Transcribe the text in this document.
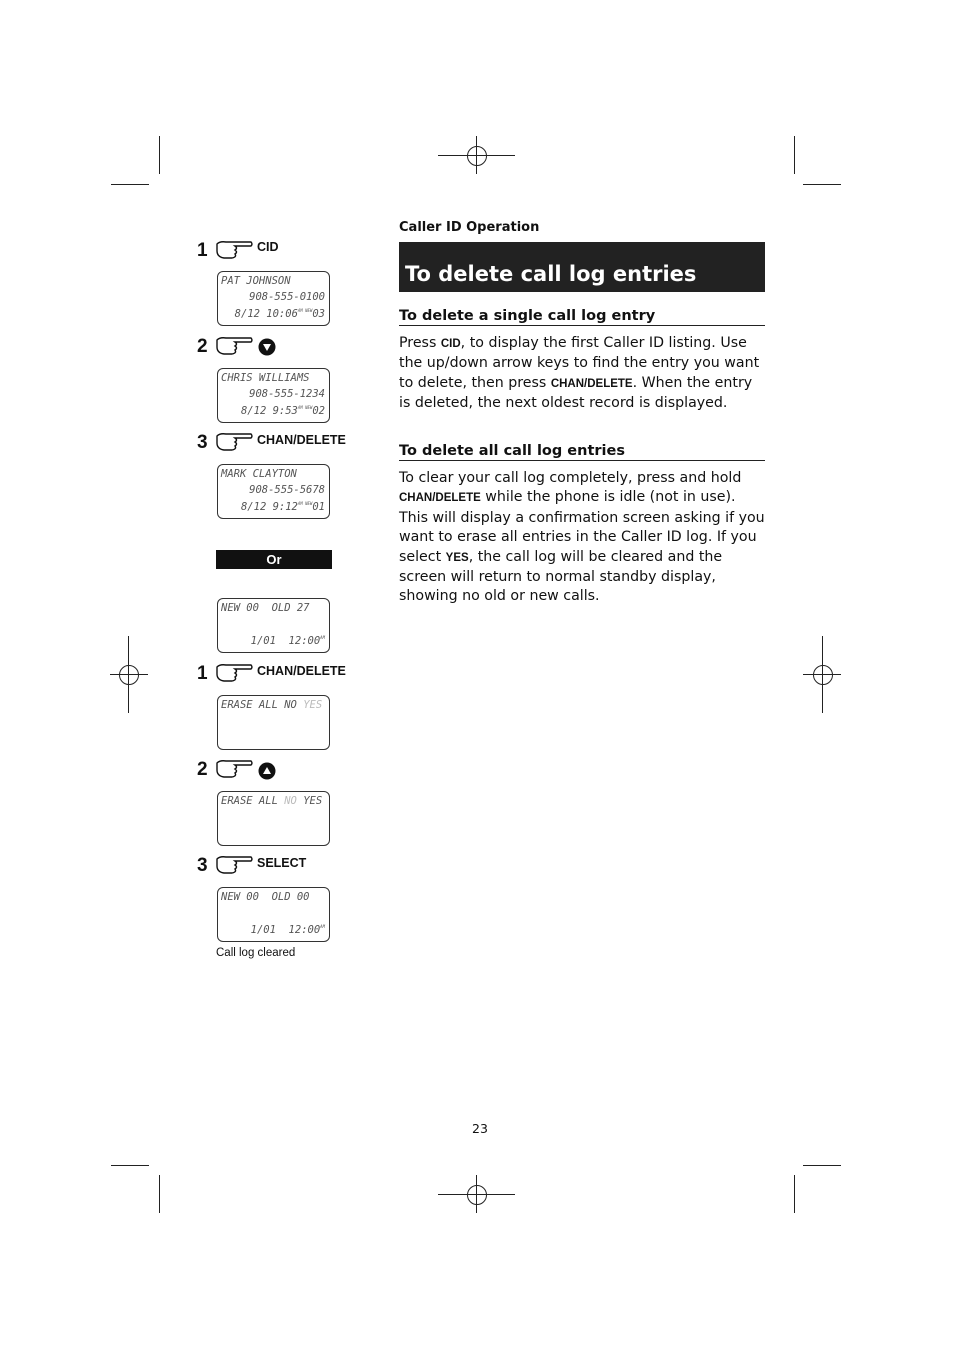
Caller ID Operation
To delete call log entries
To delete a single call log entry
Press CID, to display the first Caller ID listing. Use the up/down arrow keys to find the entry you want to delete, then press CHAN/DELETE. When the entry is deleted, the next oldest record is displayed.
To delete all call log entries
To clear your call log completely, press and hold CHAN/DELETE while the phone is idle (not in use). This will display a confirmation screen asking if you want to erase all entries in the Caller ID log. If you select YES, the call log will be cleared and the screen will return to normal standby display, showing no old or new calls.
1	CID
PAT JOHNSON
908-555-0100
8/12 $10:06^{AM NEW}03$
2
CHRIS WILLIAMS
908-555-1234
8/12 $9:53^{AM NEW}02$
3	CHAN/DELETE
MARK CLAYTON
908-555-5678
8/12 $9:12^{AM NEW}01$
Or
NEW 00  OLD 27
1/01  $12:00^{AM}$
1	CHAN/DELETE
ERASE ALL NO YES
2
ERASE ALL NO YES
3	SELECT
NEW 00  OLD 00
1/01  $12:00^{AM}$
Call log cleared
23
